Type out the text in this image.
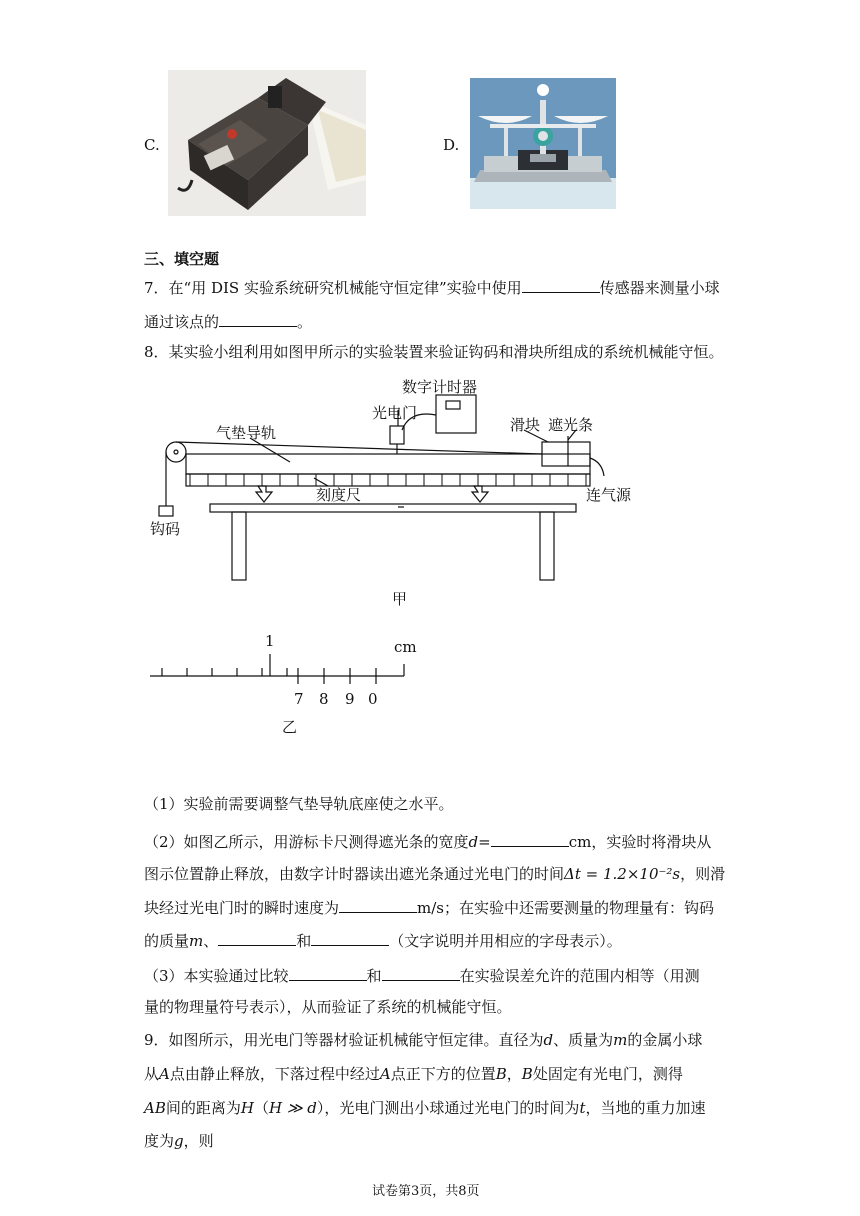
C.	D.
三、填空题
7．在“用 DIS 实验系统研究机械能守恒定律”实验中使用	传感器来测量小球
通过该点的	。
8．某实验小组利用如图甲所示的实验装置来验证钩码和滑块所组成的系统机械能守恒。
数字计时器
光电门
气垫导轨	滑块 遮光条
刻度尺	连气源
钩码
甲
1	cm
7 8 9 0
乙
（1）实验前需要调整气垫导轨底座使之水平。
（2）如图乙所示，用游标卡尺测得遮光条的宽度d=	cm，实验时将滑块从
图示位置静止释放，由数字计时器读出遮光条通过光电门的时间Δt = 1.2×10⁻²s，则滑
块经过光电门时的瞬时速度为	m/s；在实验中还需要测量的物理量有：钩码
的质量m、	和	（文字说明并用相应的字母表示）。
（3）本实验通过比较	和	在实验误差允许的范围内相等（用测
量的物理量符号表示），从而验证了系统的机械能守恒。
9．如图所示，用光电门等器材验证机械能守恒定律。直径为d、质量为m的金属小球
从A点由静止释放，下落过程中经过A点正下方的位置B，B处固定有光电门，测得
AB间的距离为H（H ≫ d），光电门测出小球通过光电门的时间为t，当地的重力加速
度为g，则
试卷第3页，共8页
